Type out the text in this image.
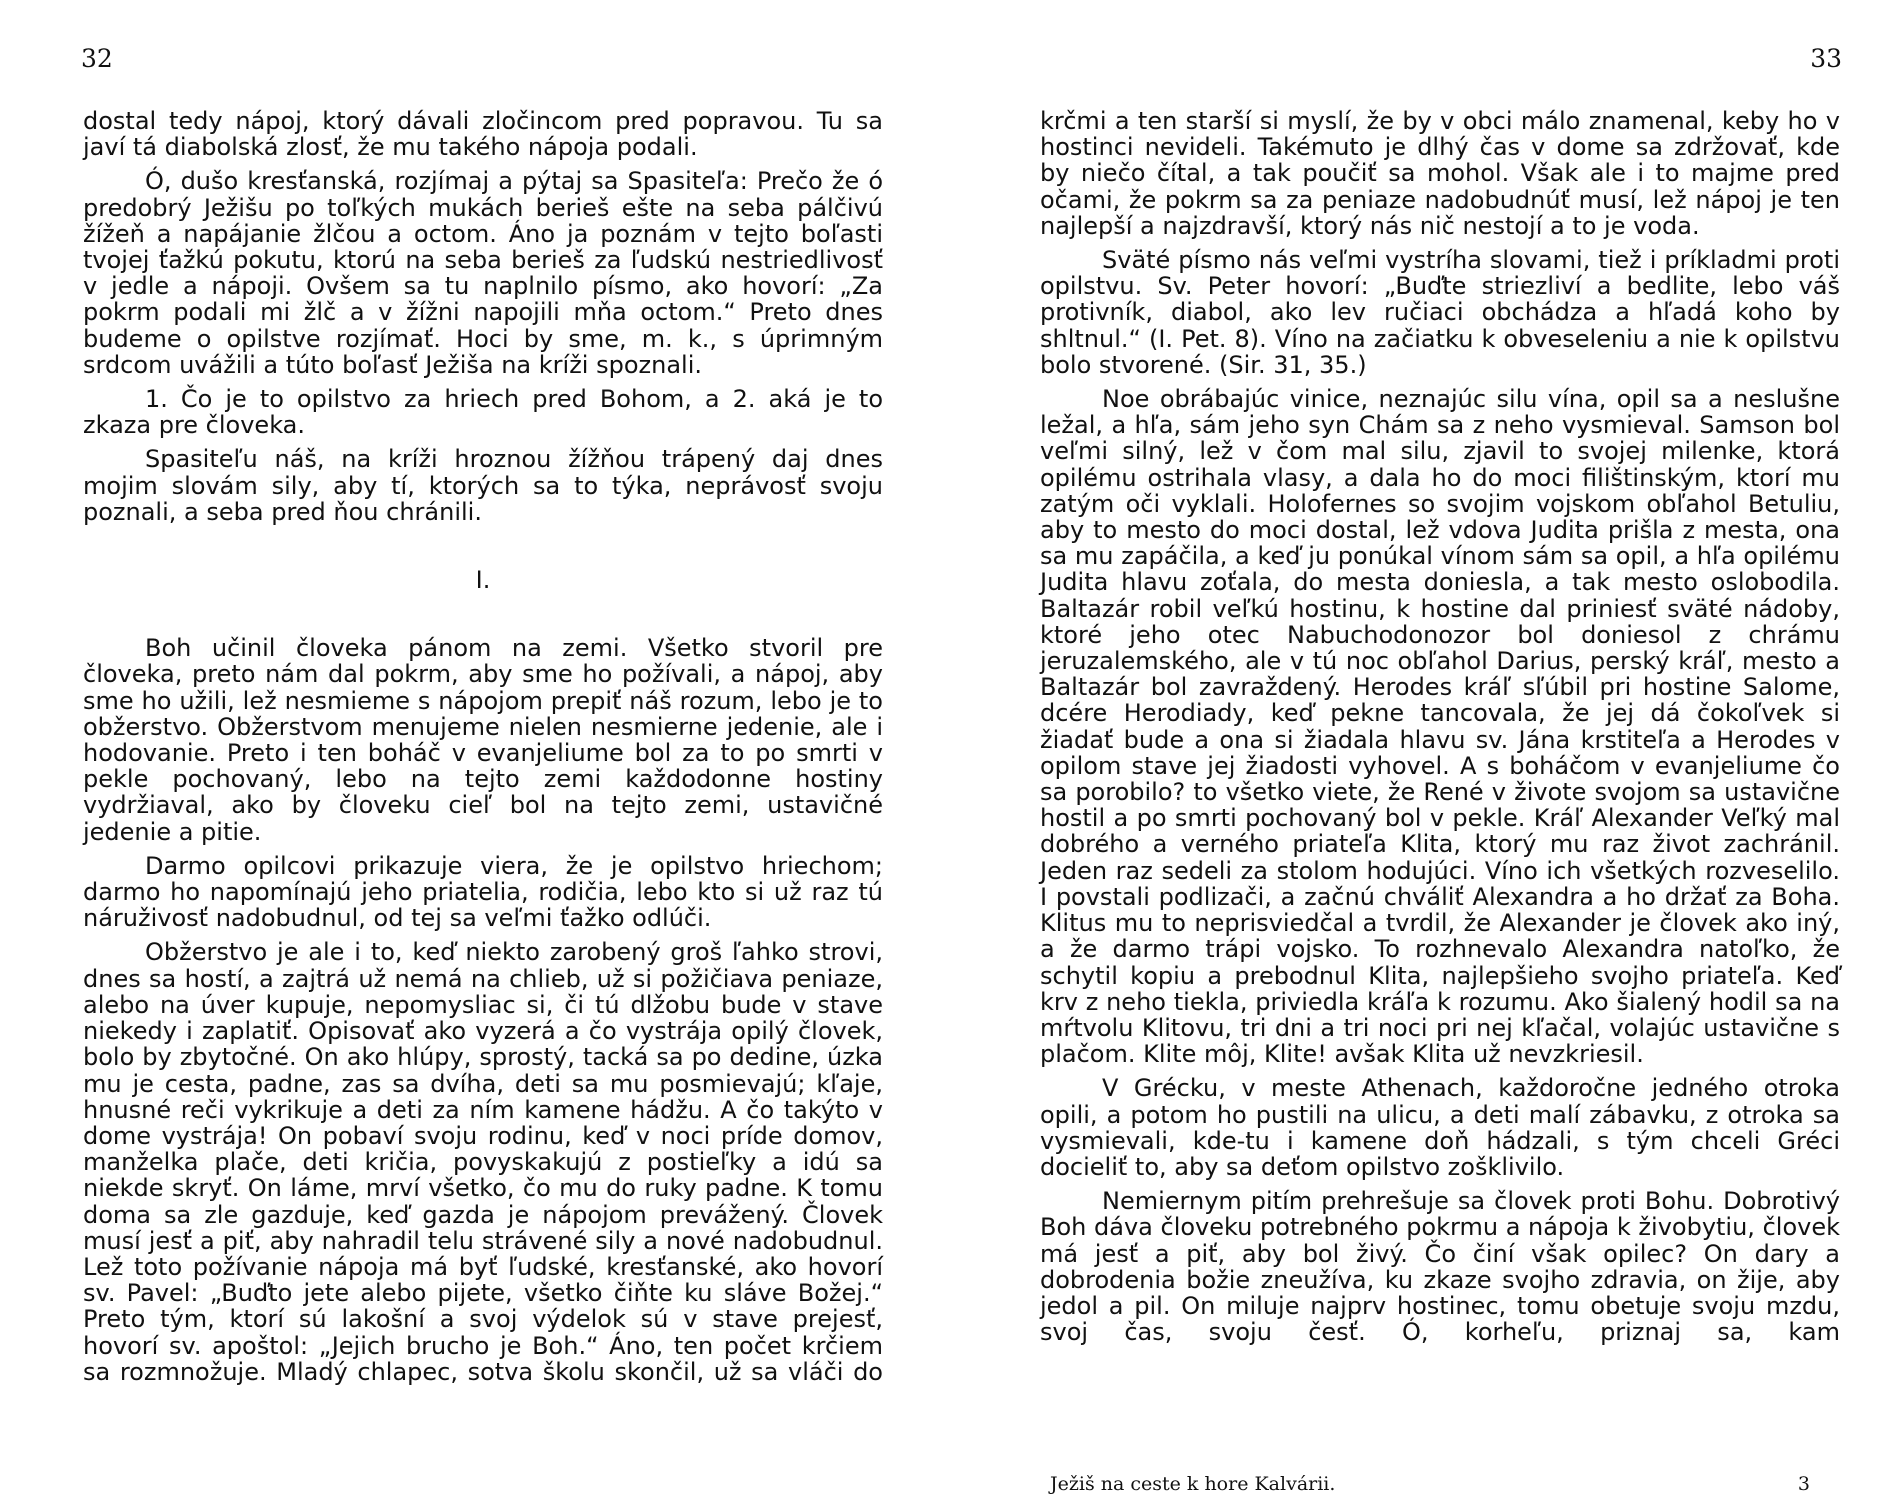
32

dostal tedy nápoj, ktorý dávali zločincom pred popravou. Tu sa javí tá diabolská zlosť, že mu takého nápoja podali.

Ó, dušo kresťanská, rozjímaj a pýtaj sa Spasiteľa: Prečo že ó predobrý Ježišu po toľkých mukách berieš ešte na seba pálčivú žížeň a napájanie žlčou a octom. Áno ja poznám v tejto boľasti tvojej ťažkú pokutu, ktorú na seba berieš za ľudskú nestriedlivosť v jedle a nápoji. Ovšem sa tu naplnilo písmo, ako hovorí: „Za pokrm podali mi žlč a v žížni napojili mňa octom.“ Preto dnes budeme o opilstve rozjímať. Hoci by sme, m. k., s úprimným srdcom uvážili a túto boľasť Ježiša na kríži spoznali.

1. Čo je to opilstvo za hriech pred Bohom, a 2. aká je to zkaza pre človeka.

Spasiteľu náš, na kríži hroznou žížňou trápený daj dnes mojim slovám sily, aby tí, ktorých sa to týka, neprávosť svoju poznali, a seba pred ňou chránili.

I.

Boh učinil človeka pánom na zemi. Všetko stvoril pre človeka, preto nám dal pokrm, aby sme ho požívali, a nápoj, aby sme ho užili, lež nesmieme s nápojom prepiť náš rozum, lebo je to obžerstvo. Obžerstvom menujeme nielen nesmierne jedenie, ale i hodovanie. Preto i ten boháč v evanjeliume bol za to po smrti v pekle pochovaný, lebo na tejto zemi každodonne hostiny vydržiaval, ako by človeku cieľ bol na tejto zemi, ustavičné jedenie a pitie.

Darmo opilcovi prikazuje viera, že je opilstvo hriechom; darmo ho napomínajú jeho priatelia, rodičia, lebo kto si už raz tú náruživosť nadobudnul, od tej sa veľmi ťažko odlúči.

Obžerstvo je ale i to, keď niekto zarobený groš ľahko strovi, dnes sa hostí, a zajtrá už nemá na chlieb, už si požičiava peniaze, alebo na úver kupuje, nepomysliac si, či tú dlžobu bude v stave niekedy i zaplatiť. Opisovať ako vyzerá a čo vystrája opilý človek, bolo by zbytočné. On ako hlúpy, sprostý, tacká sa po dedine, úzka mu je cesta, padne, zas sa dvíha, deti sa mu posmievajú; kľaje, hnusné reči vykrikuje a deti za ním kamene hádžu. A čo takýto v dome vystrája! On pobaví svoju rodinu, keď v noci príde domov, manželka plače, deti kričia, povyskakujú z postieľky a idú sa niekde skryť. On láme, mrví všetko, čo mu do ruky padne. K tomu doma sa zle gazduje, keď gazda je nápojom prevážený. Človek musí jesť a piť, aby nahradil telu strávené sily a nové nadobudnul. Lež toto požívanie nápoja má byť ľudské, kresťanské, ako hovorí sv. Pavel: „Buďto jete alebo pijete, všetko čiňte ku sláve Božej.“ Preto tým, ktorí sú lakošní a svoj výdelok sú v stave prejesť, hovorí sv. apoštol: „Jejich brucho je Boh.“ Áno, ten počet krčiem sa rozmnožuje. Mladý chlapec, sotva školu skončil, už sa vláči do

33

krčmi a ten starší si myslí, že by v obci málo znamenal, keby ho v hostinci nevideli. Takémuto je dlhý čas v dome sa zdržovať, kde by niečo čítal, a tak poučiť sa mohol. Však ale i to majme pred očami, že pokrm sa za peniaze nadobudnúť musí, lež nápoj je ten najlepší a najzdravší, ktorý nás nič nestojí a to je voda.

Sväté písmo nás veľmi vystríha slovami, tiež i príkladmi proti opilstvu. Sv. Peter hovorí: „Buďte striezliví a bedlite, lebo váš protivník, diabol, ako lev ručiaci obchádza a hľadá koho by shltnul.“ (I. Pet. 8). Víno na začiatku k obveseleniu a nie k opilstvu bolo stvorené. (Sir. 31, 35.)

Noe obrábajúc vinice, neznajúc silu vína, opil sa a neslušne ležal, a hľa, sám jeho syn Chám sa z neho vysmieval. Samson bol veľmi silný, lež v čom mal silu, zjavil to svojej milenke, ktorá opilému ostrihala vlasy, a dala ho do moci filištinským, ktorí mu zatým oči vyklali. Holofernes so svojim vojskom obľahol Betuliu, aby to mesto do moci dostal, lež vdova Judita prišla z mesta, ona sa mu zapáčila, a keď ju ponúkal vínom sám sa opil, a hľa opilému Judita hlavu zoťala, do mesta doniesla, a tak mesto oslobodila. Baltazár robil veľkú hostinu, k hostine dal priniesť sväté nádoby, ktoré jeho otec Nabuchodonozor bol doniesol z chrámu jeruzalemského, ale v tú noc obľahol Darius, perský kráľ, mesto a Baltazár bol zavraždený. Herodes kráľ sľúbil pri hostine Salome, dcére Herodiady, keď pekne tancovala, že jej dá čokoľvek si žiadať bude a ona si žiadala hlavu sv. Jána krstiteľa a Herodes v opilom stave jej žiadosti vyhovel. A s boháčom v evanjeliume čo sa porobilo? to všetko viete, že René v živote svojom sa ustavične hostil a po smrti pochovaný bol v pekle. Kráľ Alexander Veľký mal dobrého a verného priateľa Klita, ktorý mu raz život zachránil. Jeden raz sedeli za stolom hodujúci. Víno ich všetkých rozveselilo. I povstali podlizači, a začnú chváliť Alexandra a ho držať za Boha. Klitus mu to neprisviedčal a tvrdil, že Alexander je človek ako iný, a že darmo trápi vojsko. To rozhnevalo Alexandra natoľko, že schytil kopiu a prebodnul Klita, najlepšieho svojho priateľa. Keď krv z neho tiekla, priviedla kráľa k rozumu. Ako šialený hodil sa na mŕtvolu Klitovu, tri dni a tri noci pri nej kľačal, volajúc ustavične s plačom. Klite môj, Klite! avšak Klita už nevzkriesil.

V Grécku, v meste Athenach, každoročne jedného otroka opili, a potom ho pustili na ulicu, a deti malí zábavku, z otroka sa vysmievali, kde-tu i kamene doň hádzali, s tým chceli Gréci docieliť to, aby sa deťom opilstvo zošklivilo.

Nemiernym pitím prehrešuje sa človek proti Bohu. Dobrotivý Boh dáva človeku potrebného pokrmu a nápoja k živobytiu, človek má jesť a piť, aby bol živý. Čo činí však opilec? On dary a dobrodenia božie zneužíva, ku zkaze svojho zdravia, on žije, aby jedol a pil. On miluje najprv hostinec, tomu obetuje svoju mzdu, svoj čas, svoju česť. Ó, korheľu, priznaj sa, kam

Ježiš na ceste k hore Kalvárii.	3
